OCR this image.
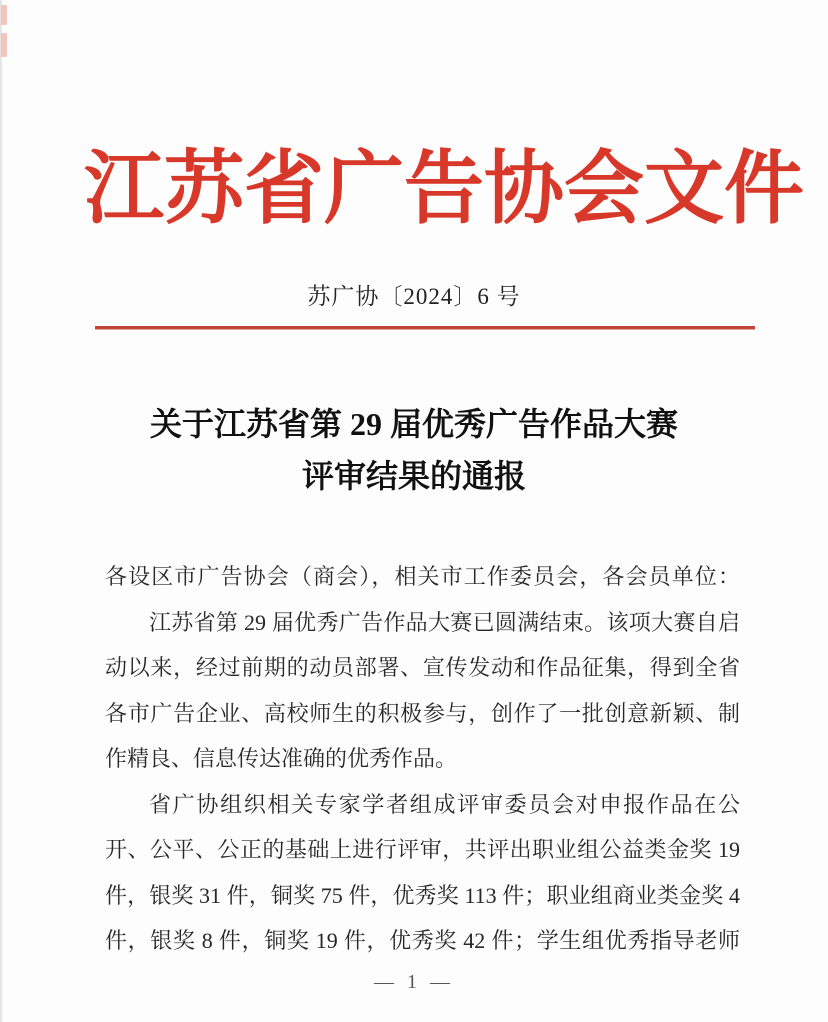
江苏省广告协会文件
苏广协〔2024〕6 号
关于江苏省第 29 届优秀广告作品大赛
评审结果的通报
各设区市广告协会（商会），相关市工作委员会，各会员单位：
江苏省第 29 届优秀广告作品大赛已圆满结束。该项大赛自启
动以来，经过前期的动员部署、宣传发动和作品征集，得到全省
各市广告企业、高校师生的积极参与，创作了一批创意新颖、制
作精良、信息传达准确的优秀作品。
省广协组织相关专家学者组成评审委员会对申报作品在公
开、公平、公正的基础上进行评审，共评出职业组公益类金奖 19
件，银奖 31 件，铜奖 75 件，优秀奖 113 件；职业组商业类金奖 4
件，银奖 8 件，铜奖 19 件，优秀奖 42 件；学生组优秀指导老师
— 1 —
